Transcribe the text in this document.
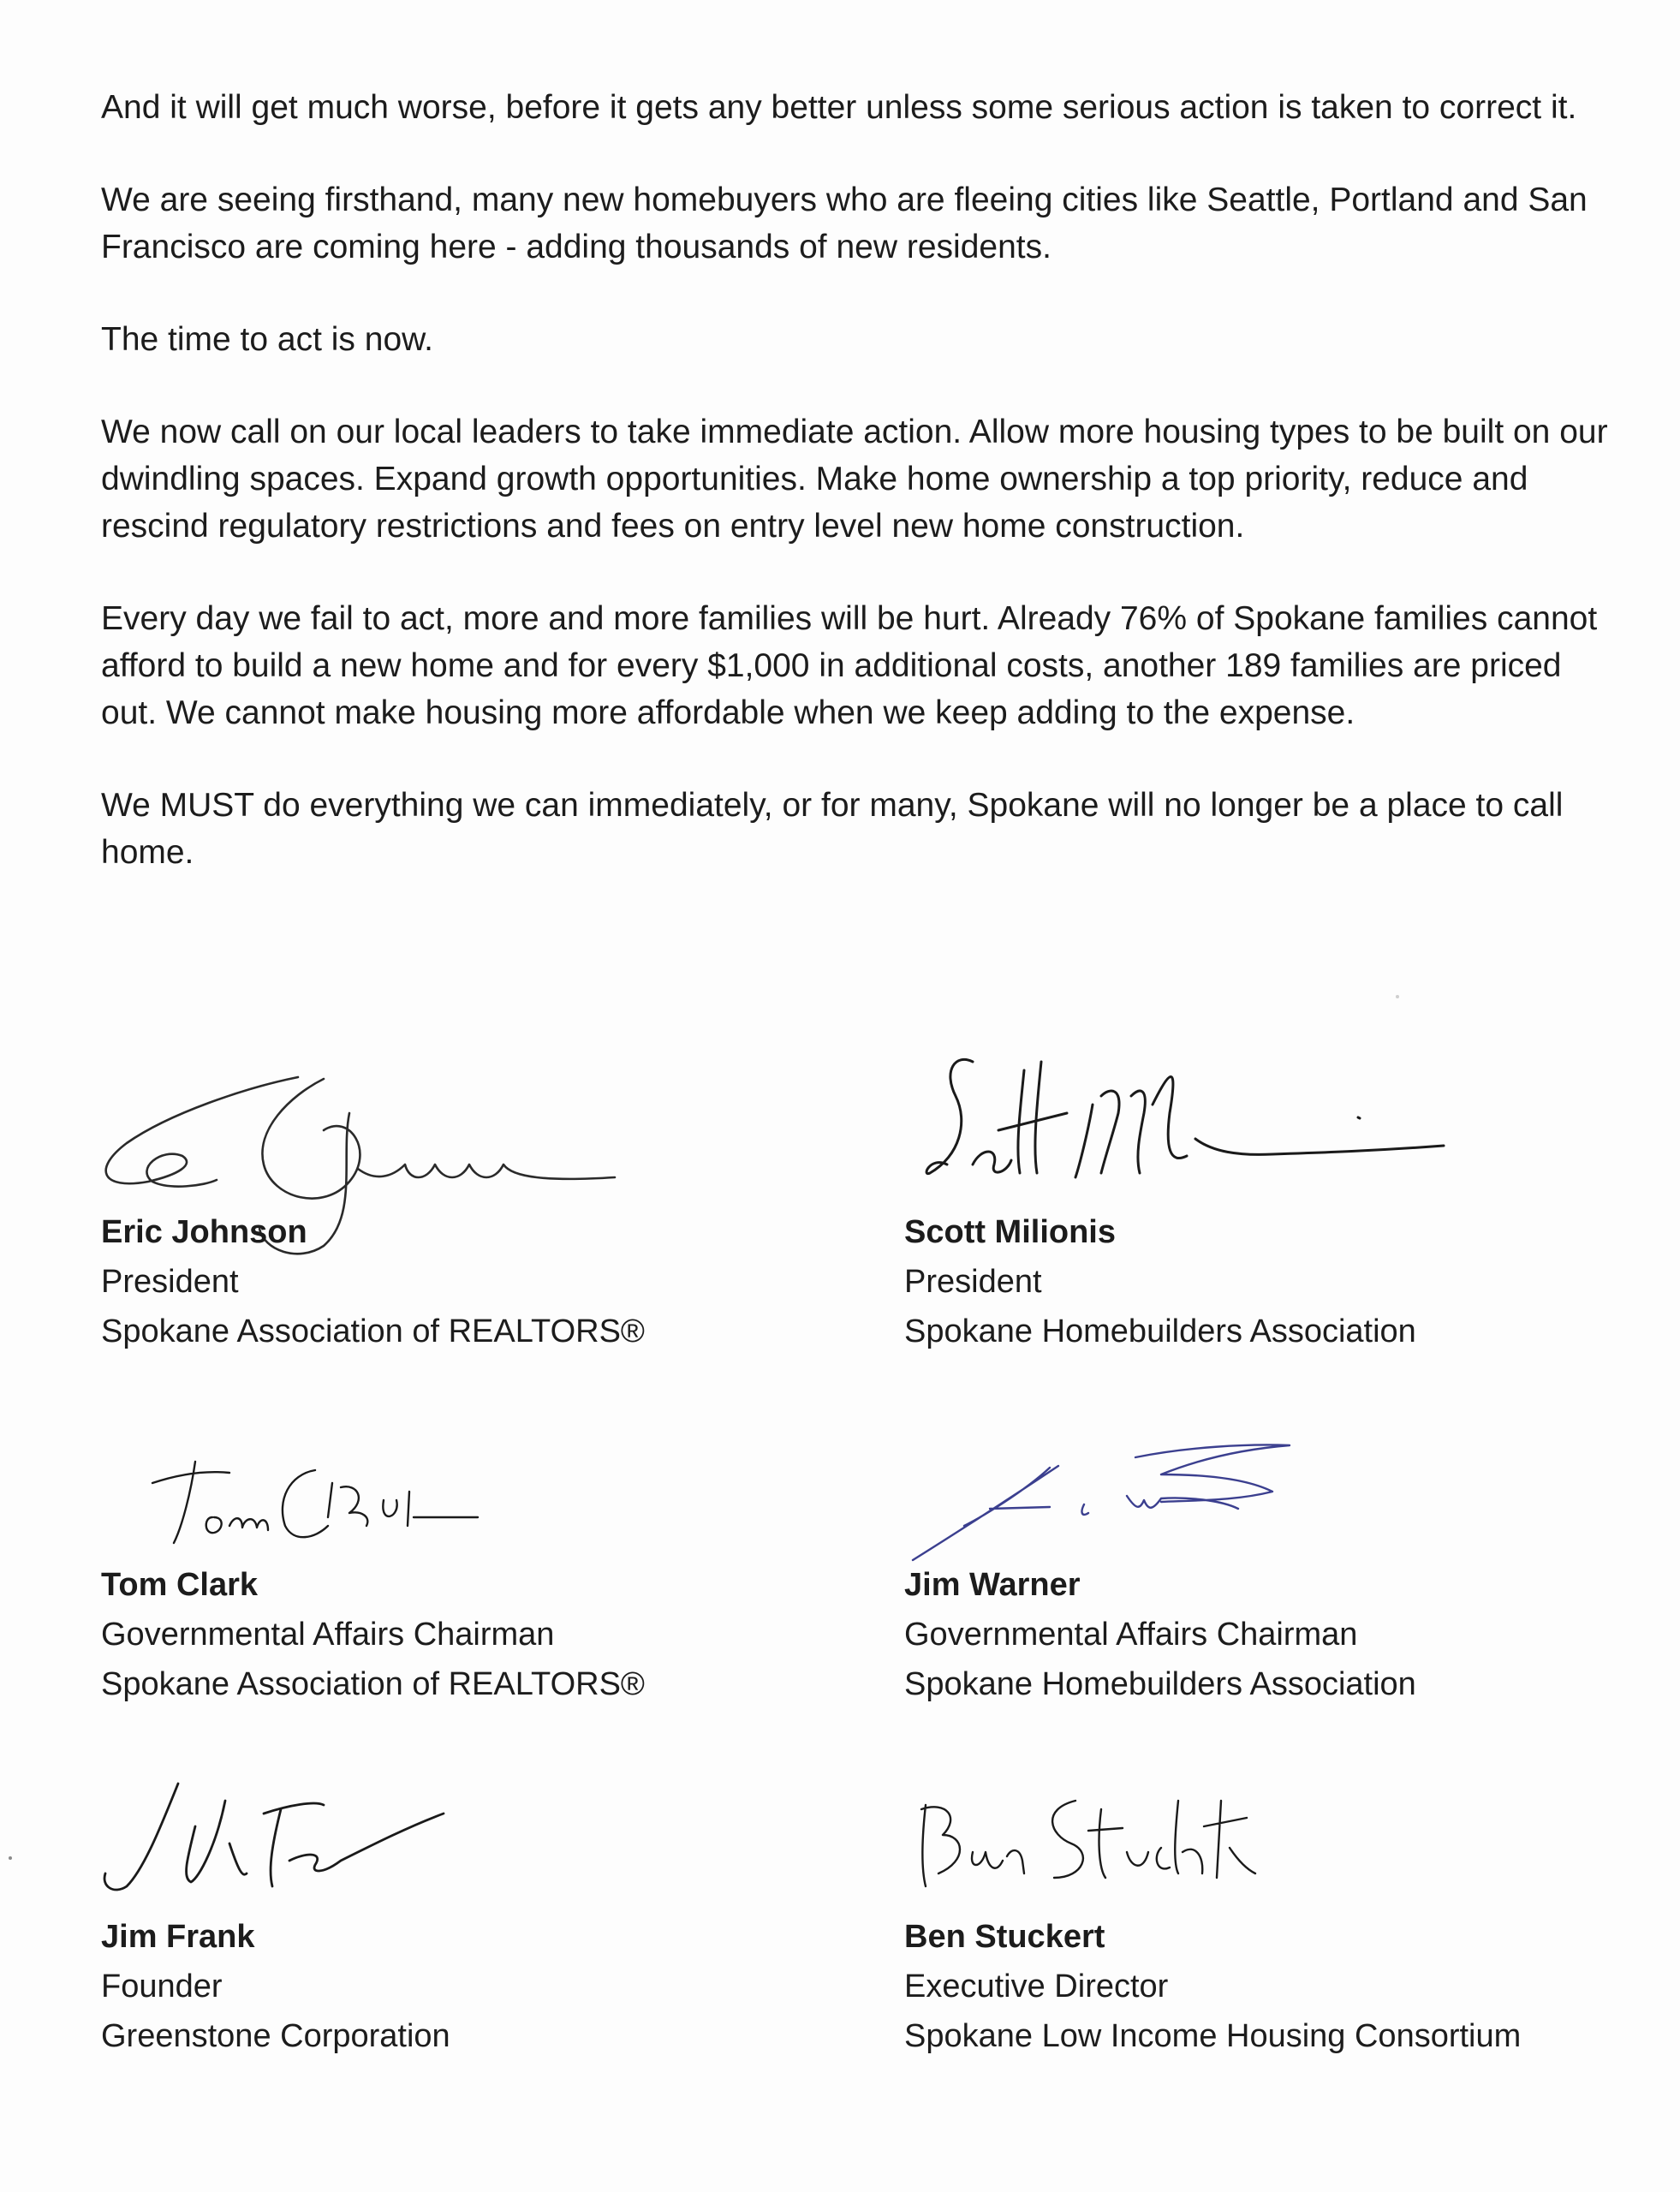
And it will get much worse, before it gets any better unless some serious action is taken to correct it.

We are seeing firsthand, many new homebuyers who are fleeing cities like Seattle, Portland and San Francisco are coming here - adding thousands of new residents.

The time to act is now.

We now call on our local leaders to take immediate action. Allow more housing types to be built on our dwindling spaces. Expand growth opportunities. Make home ownership a top priority, reduce and rescind regulatory restrictions and fees on entry level new home construction.

Every day we fail to act, more and more families will be hurt. Already 76% of Spokane families cannot afford to build a new home and for every $1,000 in additional costs, another 189 families are priced out. We cannot make housing more affordable when we keep adding to the expense.

We MUST do everything we can immediately, or for many, Spokane will no longer be a place to call home.

Eric Johnson
President
Spokane Association of REALTORS®
Scott Milionis
President
Spokane Homebuilders Association
Tom Clark
Governmental Affairs Chairman
Spokane Association of REALTORS®
Jim Warner
Governmental Affairs Chairman
Spokane Homebuilders Association
Jim Frank
Founder
Greenstone Corporation
Ben Stuckert
Executive Director
Spokane Low Income Housing Consortium
